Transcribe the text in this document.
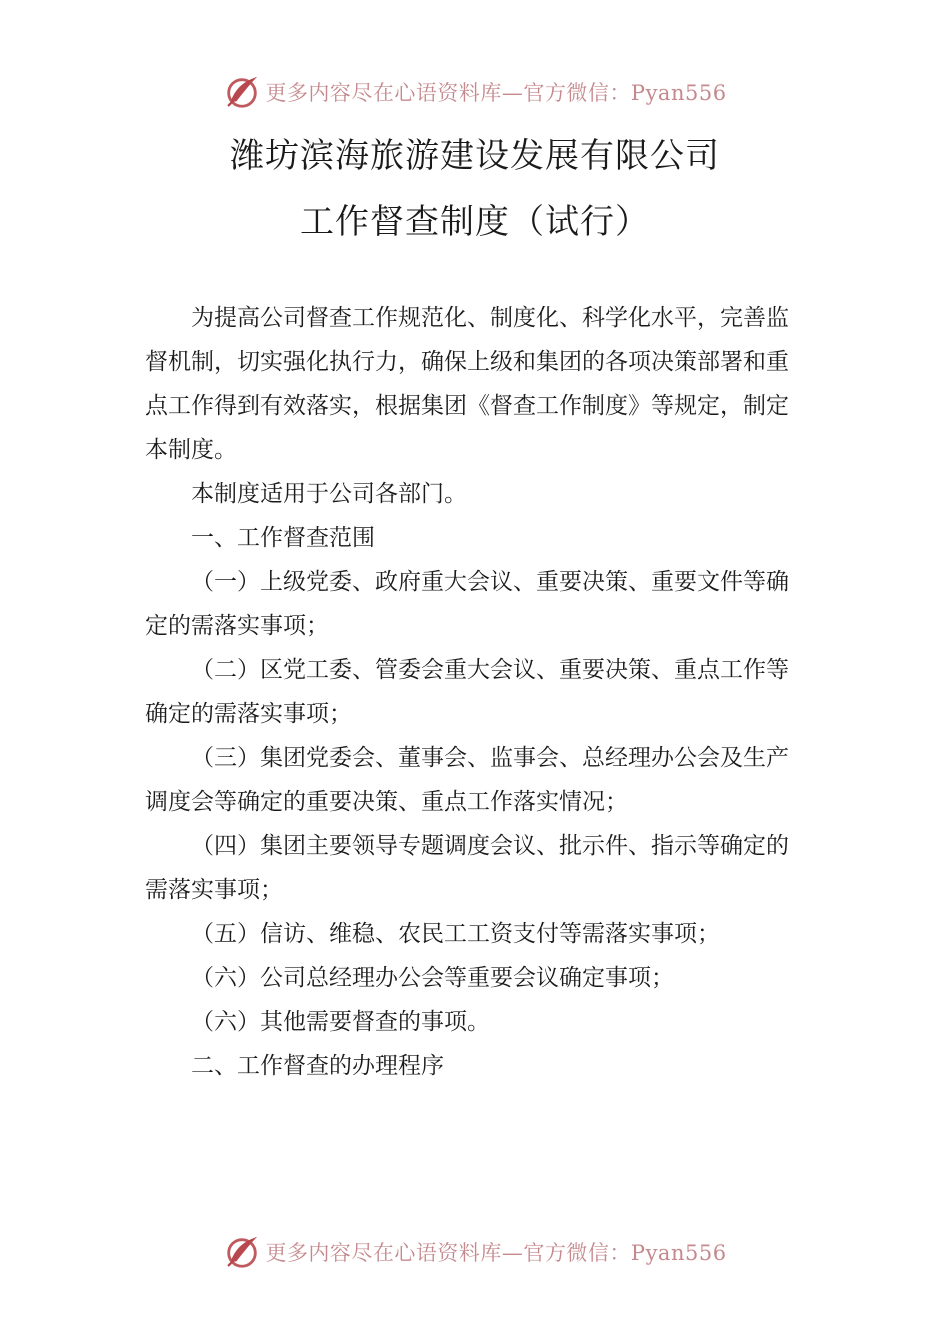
更多内容尽在心语资料库—官方微信：Pyan556
潍坊滨海旅游建设发展有限公司
工作督查制度（试行）

为提高公司督查工作规范化、制度化、科学化水平，完善监督机制，切实强化执行力，确保上级和集团的各项决策部署和重点工作得到有效落实，根据集团《督查工作制度》等规定，制定本制度。

本制度适用于公司各部门。

一、工作督查范围

（一）上级党委、政府重大会议、重要决策、重要文件等确定的需落实事项；

（二）区党工委、管委会重大会议、重要决策、重点工作等确定的需落实事项；

（三）集团党委会、董事会、监事会、总经理办公会及生产调度会等确定的重要决策、重点工作落实情况；

（四）集团主要领导专题调度会议、批示件、指示等确定的需落实事项；

（五）信访、维稳、农民工工资支付等需落实事项；

（六）公司总经理办公会等重要会议确定事项；

（六）其他需要督查的事项。

二、工作督查的办理程序

更多内容尽在心语资料库—官方微信：Pyan556
